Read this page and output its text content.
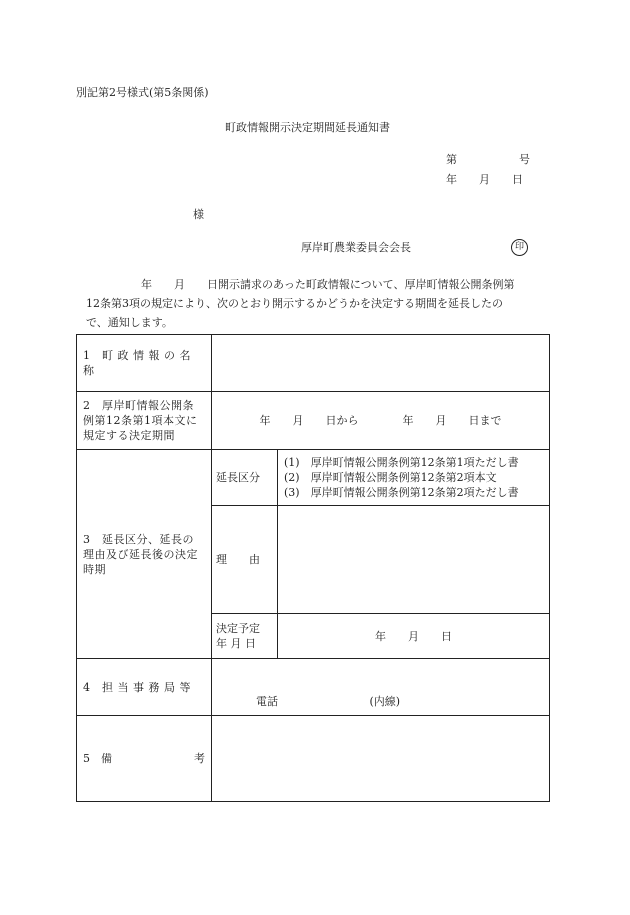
別記第2号様式(第5条関係)
町政情報開示決定期間延長通知書
第	号
年 月 日
様
厚岸町農業委員会会長	印

　　　　　年　　月　　日開示請求のあった町政情報について、厚岸町情報公開条例第

12条第3項の規定により、次のとおり開示するかどうかを決定する期間を延長したの

で、通知します。

1　町 政 情 報 の 名 称		
2　厚岸町情報公開条例第12条第1項本文に規定する決定期間	年　　月　　日から　　　　年　　月　　日まで	
3　延長区分、延長の理由及び延長後の決定時期	延長区分	(1)　厚岸町情報公開条例第12条第1項ただし書
(2)　厚岸町情報公開条例第12条第2項本文
(3)　厚岸町情報公開条例第12条第2項ただし書

	理　　由	

	決定予定
年 月 日	年　　月　　日
4　担 当 事 務 局 等	電話 (内線)	

5　備 考		
